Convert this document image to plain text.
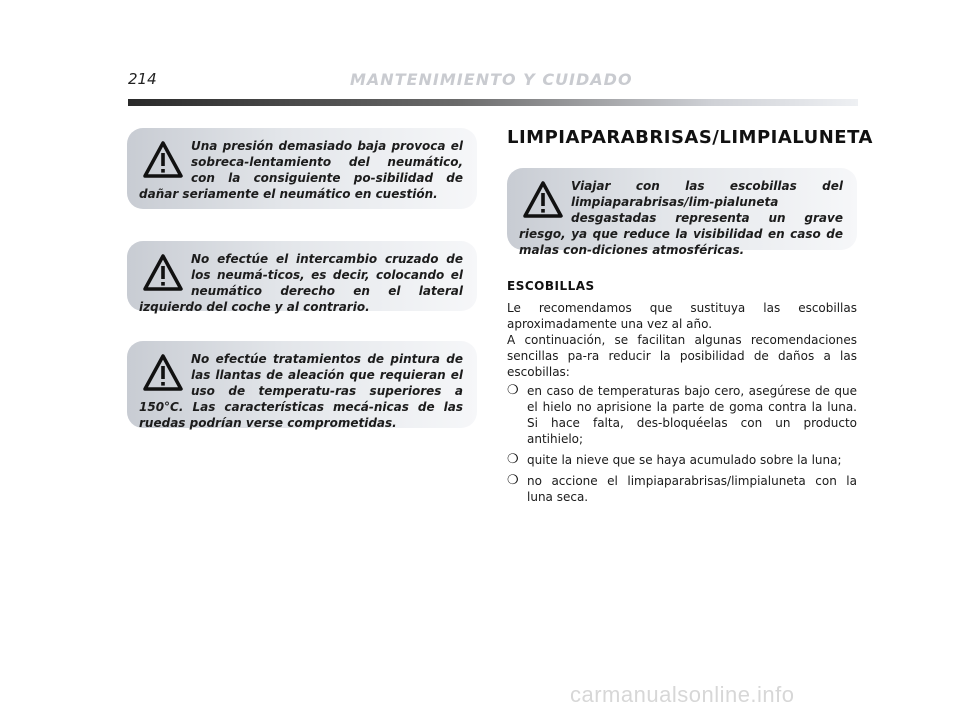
214	MANTENIMIENTO Y CUIDADO

Una presión demasiado baja provoca el sobreca-lentamiento del neumático, con la consiguiente po-sibilidad de dañar seriamente el neumático en cuestión.

No efectúe el intercambio cruzado de los neumá-ticos, es decir, colocando el neumático derecho en el lateral izquierdo del coche y al contrario.

No efectúe tratamientos de pintura de las llantas de aleación que requieran el uso de temperatu-ras superiores a 150°C. Las características mecá-nicas de las ruedas podrían verse comprometidas.

LIMPIAPARABRISAS/LIMPIALUNETA

Viajar con las escobillas del limpiaparabrisas/lim-pialuneta desgastadas representa un grave riesgo, ya que reduce la visibilidad en caso de malas con-diciones atmosféricas.

ESCOBILLAS

Le recomendamos que sustituya las escobillas aproximadamente una vez al año.

A continuación, se facilitan algunas recomendaciones sencillas pa-ra reducir la posibilidad de daños a las escobillas:

❍ en caso de temperaturas bajo cero, asegúrese de que el hielo no aprisione la parte de goma contra la luna. Si hace falta, des-bloquéelas con un producto antihielo;
❍ quite la nieve que se haya acumulado sobre la luna;
❍ no accione el limpiaparabrisas/limpialuneta con la luna seca.
carmanualsonline.info
